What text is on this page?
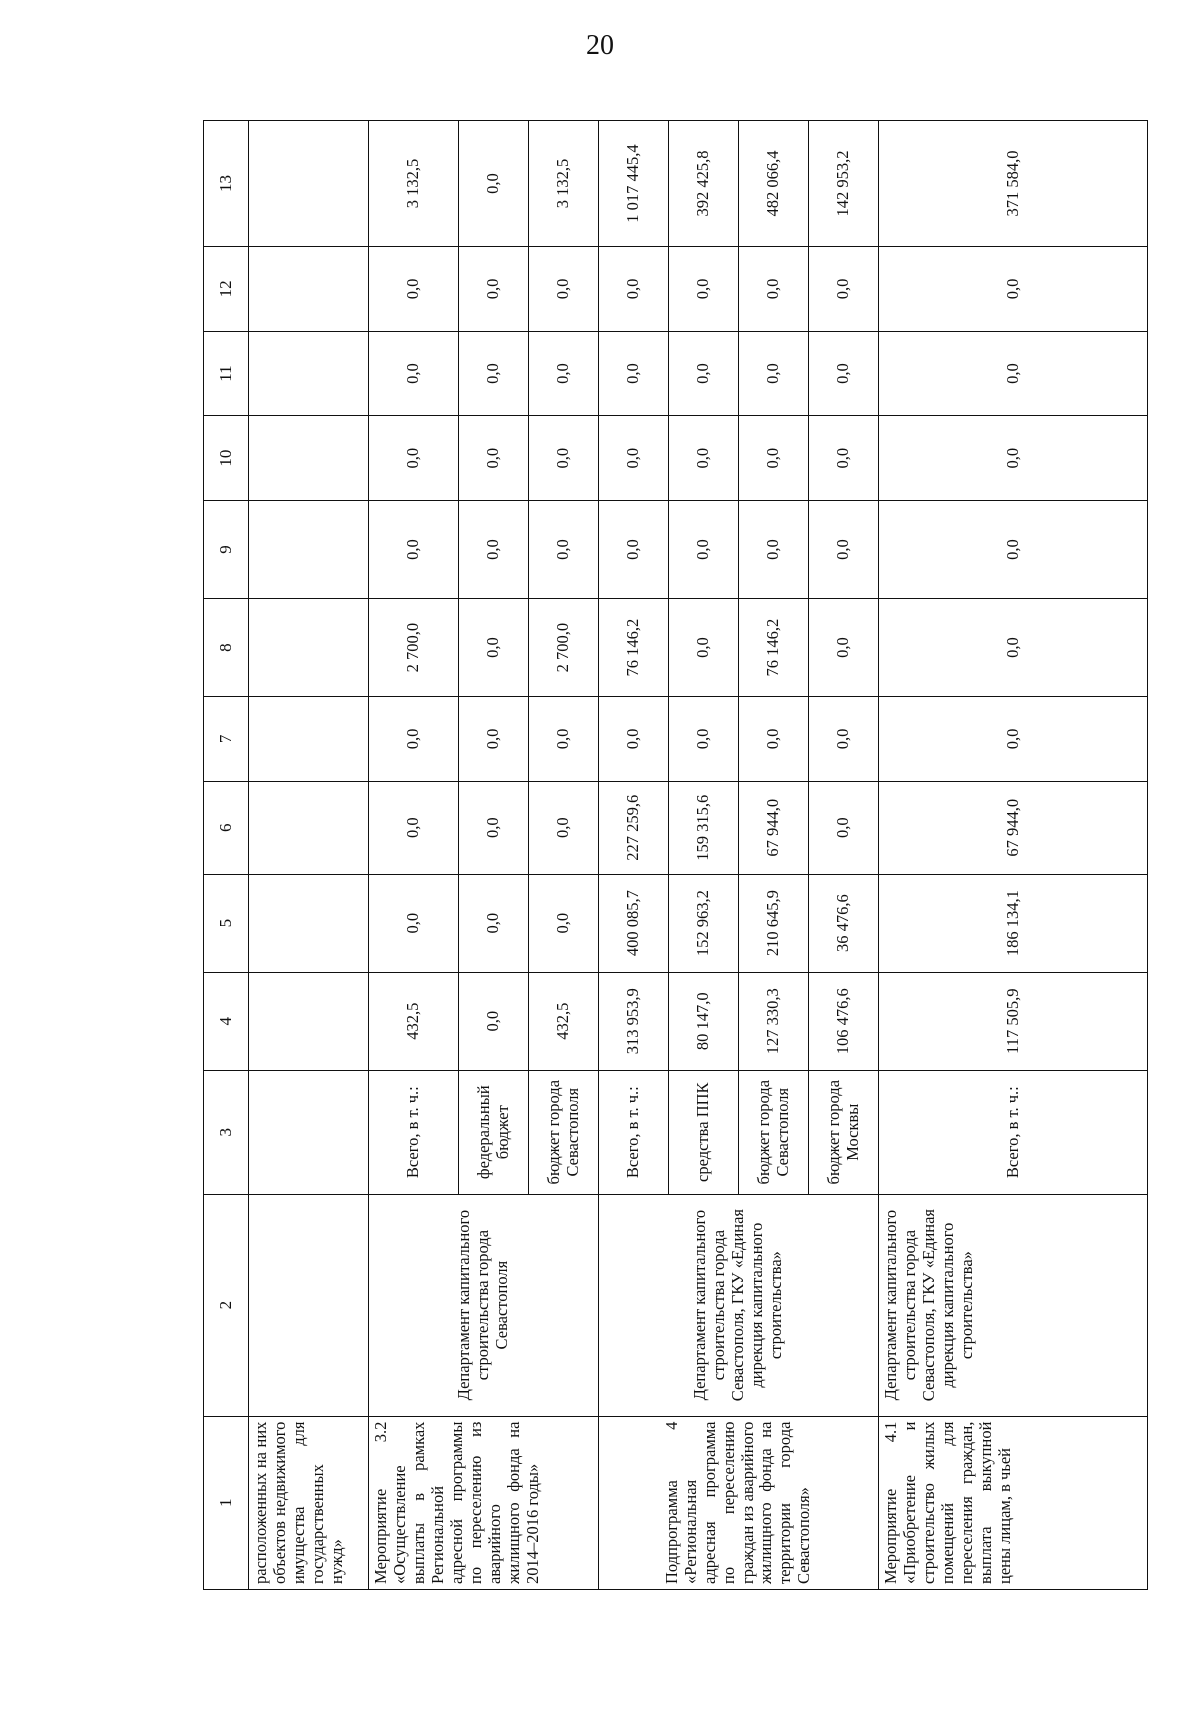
20
1	2	3	4	5	6	7	8	9	10	11	12	13
расположенных на них объектов недвижимого имущества для государственных нужд»												
Мероприятие 3.2 «Осуществление выплаты в рамках Региональной адресной программы по переселению из аварийного жилищного фонда на 2014–2016 годы»	Департамент капитального строительства города Севастополя	Всего, в т. ч.:	432,5	0,0	0,0	0,0	2 700,0	0,0	0,0	0,0	0,0	3 132,5
		федеральный бюджет	0,0	0,0	0,0	0,0	0,0	0,0	0,0	0,0	0,0	0,0
		бюджет города Севастополя	432,5	0,0	0,0	0,0	2 700,0	0,0	0,0	0,0	0,0	3 132,5
Подпрограмма 4 «Региональная адресная программа по переселению граждан из аварийного жилищного фонда на территории города Севастополя»	Департамент капитального строительства города Севастополя, ГКУ «Единая дирекция капитального строительства»	Всего, в т. ч.:	313 953,9	400 085,7	227 259,6	0,0	76 146,2	0,0	0,0	0,0	0,0	1 017 445,4
		средства ППК	80 147,0	152 963,2	159 315,6	0,0	0,0	0,0	0,0	0,0	0,0	392 425,8
		бюджет города Севастополя	127 330,3	210 645,9	67 944,0	0,0	76 146,2	0,0	0,0	0,0	0,0	482 066,4
		бюджет города Москвы	106 476,6	36 476,6	0,0	0,0	0,0	0,0	0,0	0,0	0,0	142 953,2
Мероприятие 4.1 «Приобретение и строительство жилых помещений для переселения граждан, выплата выкупной цены лицам, в чьей	Департамент капитального строительства города Севастополя, ГКУ «Единая дирекция капитального строительства»	Всего, в т. ч.:	117 505,9	186 134,1	67 944,0	0,0	0,0	0,0	0,0	0,0	0,0	371 584,0
